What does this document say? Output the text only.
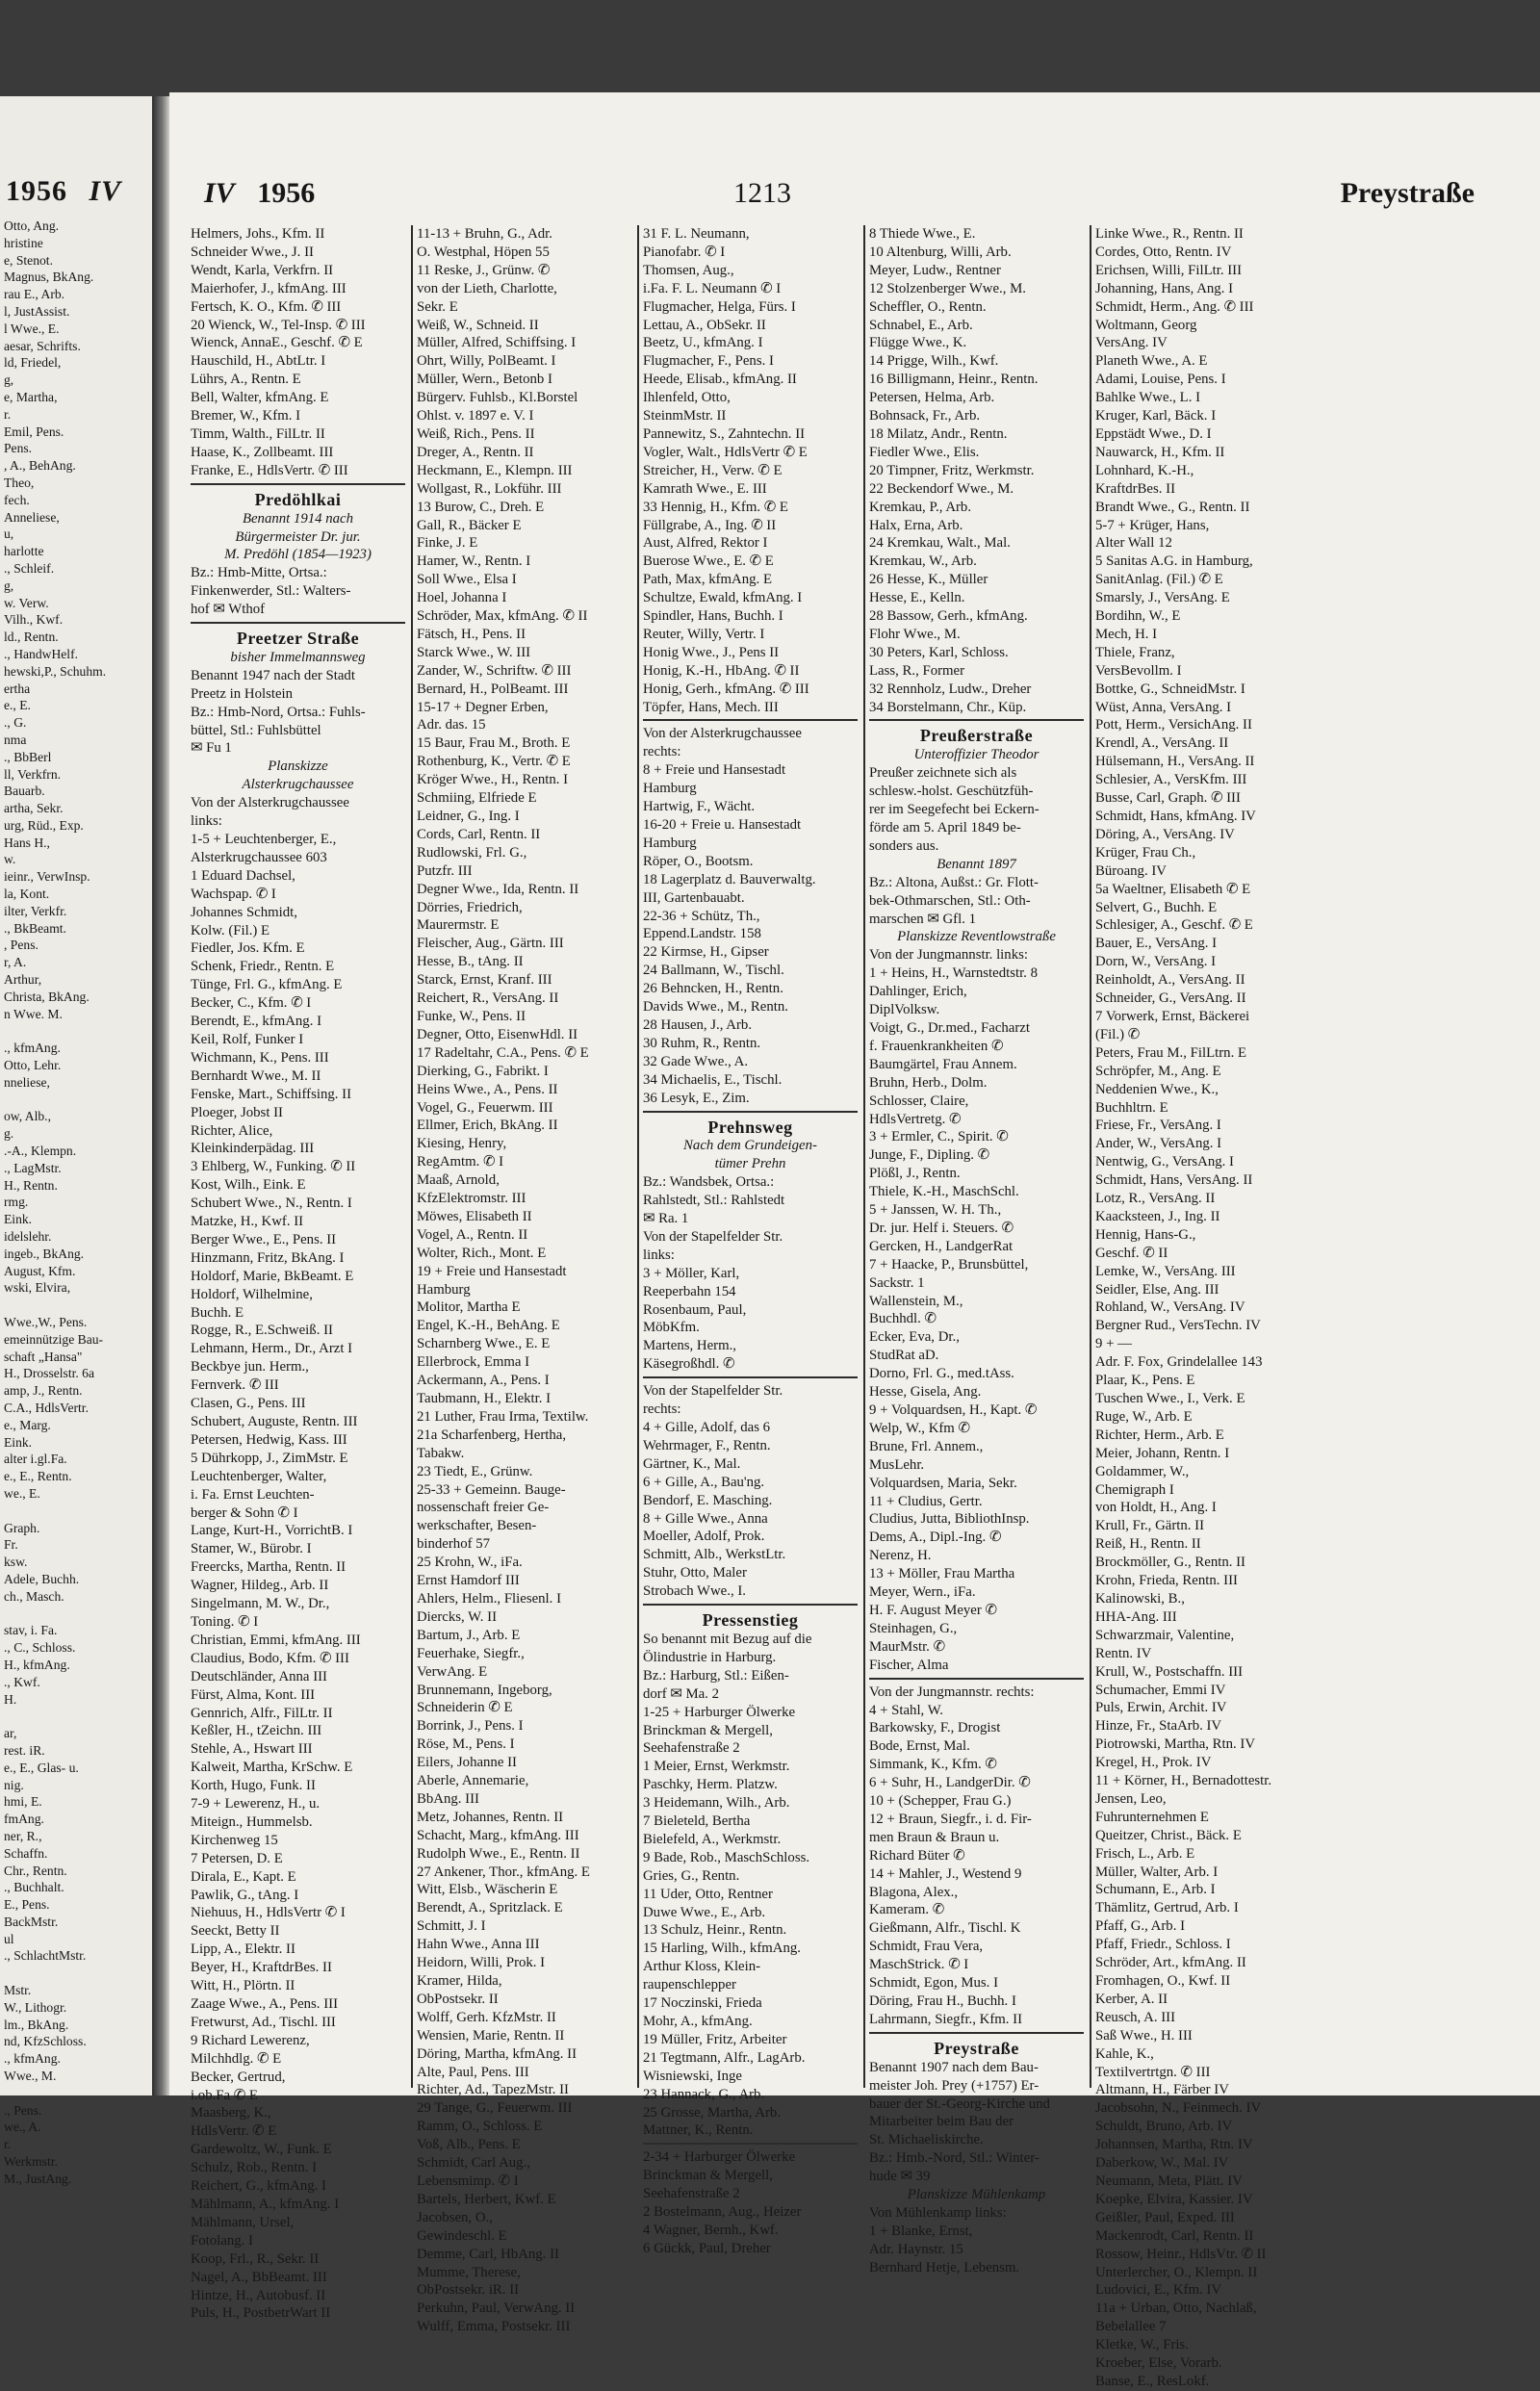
1956 IV
Otto, Ang.
hristine
e, Stenot.
Magnus, BkAng.
rau E., Arb.
l, JustAssist.
l Wwe., E.
aesar, Schrifts.
ld, Friedel,
g,
e, Martha,
r.
Emil, Pens.
Pens.
, A., BehAng.
Theo,
fech.
Anneliese,
u,
harlotte
., Schleif.
g,
w. Verw.
Vilh., Kwf.
ld., Rentn.
., HandwHelf.
hewski,P., Schuhm.
ertha
e., E.
., G.
nma
., BbBerl
ll, Verkfrn.
Bauarb.
artha, Sekr.
urg, Rüd., Exp.
Hans H.,
w.
ieinr., VerwInsp.
la, Kont.
ilter, Verkfr.
., BkBeamt.
, Pens.
r, A.
Arthur,
Christa, BkAng.
n Wwe. M.

., kfmAng.
Otto, Lehr.
nneliese,

ow, Alb.,
g.
.-A., Klempn.
., LagMstr.
H., Rentn.
rmg.
Eink.
idelslehr.
ingeb., BkAng.
August, Kfm.
wski, Elvira,

Wwe.,W., Pens.
emeinnützige Bau-
schaft „Hansa"
H., Drosselstr. 6a
amp, J., Rentn.
C.A., HdlsVertr.
e., Marg.
Eink.
alter i.gl.Fa.
e., E., Rentn.
we., E.

Graph.
Fr.
ksw.
Adele, Buchh.
ch., Masch.

stav, i. Fa.
., C., Schloss.
H., kfmAng.
., Kwf.
H.

ar,
rest. iR.
e., E., Glas- u.
nig.
hmi, E.
fmAng.
ner, R.,
Schaffn.
Chr., Rentn.
., Buchhalt.
E., Pens.
BackMstr.
ul
., SchlachtMstr.

Mstr.
W., Lithogr.
lm., BkAng.
nd, KfzSchloss.
., kfmAng.
Wwe., M.

., Pens.
we., A.
r.
Werkmstr.
M., JustAng.
IV 1956	1213	Preystraße
Helmers, Johs., Kfm. II
Schneider Wwe., J. II
Wendt, Karla, Verkfrn. II
Maierhofer, J., kfmAng. III
Fertsch, K. O., Kfm. ✆ III
20 Wienck, W., Tel-Insp. ✆ III
Wienck, AnnaE., Geschf. ✆ E
Hauschild, H., AbtLtr. I
Lührs, A., Rentn. E
Bell, Walter, kfmAng. E
Bremer, W., Kfm. I
Timm, Walth., FilLtr. II
Haase, K., Zollbeamt. III
Franke, E., HdlsVertr. ✆ III
Predöhlkai
Benannt 1914 nach
Bürgermeister Dr. jur.
M. Predöhl (1854—1923)
Bz.: Hmb-Mitte, Ortsa.:
Finkenwerder, Stl.: Walters-
hof ✉ Wthof
Preetzer Straße
bisher Immelmannsweg
Benannt 1947 nach der Stadt
Preetz in Holstein
Bz.: Hmb-Nord, Ortsa.: Fuhls-
büttel, Stl.: Fuhlsbüttel
✉ Fu 1
Planskizze
Alsterkrugchaussee
Von der Alsterkrugchaussee
links:
1-5 + Leuchtenberger, E.,
Alsterkrugchaussee 603
1 Eduard Dachsel,
Wachspap. ✆ I
Johannes Schmidt,
Kolw. (Fil.) E
Fiedler, Jos. Kfm. E
Schenk, Friedr., Rentn. E
Tünge, Frl. G., kfmAng. E
Becker, C., Kfm. ✆ I
Berendt, E., kfmAng. I
Keil, Rolf, Funker I
Wichmann, K., Pens. III
Bernhardt Wwe., M. II
Fenske, Mart., Schiffsing. II
Ploeger, Jobst II
Richter, Alice,
Kleinkinderpädag. III
3 Ehlberg, W., Funking. ✆ II
Kost, Wilh., Eink. E
Schubert Wwe., N., Rentn. I
Matzke, H., Kwf. II
Berger Wwe., E., Pens. II
Hinzmann, Fritz, BkAng. I
Holdorf, Marie, BkBeamt. E
Holdorf, Wilhelmine,
Buchh. E
Rogge, R., E.Schweiß. II
Lehmann, Herm., Dr., Arzt I
Beckbye jun. Herm.,
Fernverk. ✆ III
Clasen, G., Pens. III
Schubert, Auguste, Rentn. III
Petersen, Hedwig, Kass. III
5 Dührkopp, J., ZimMstr. E
Leuchtenberger, Walter,
i. Fa. Ernst Leuchten-
berger & Sohn ✆ I
Lange, Kurt-H., VorrichtB. I
Stamer, W., Bürobr. I
Freercks, Martha, Rentn. II
Wagner, Hildeg., Arb. II
Singelmann, M. W., Dr.,
Toning. ✆ I
Christian, Emmi, kfmAng. III
Claudius, Bodo, Kfm. ✆ III
Deutschländer, Anna III
Fürst, Alma, Kont. III
Gennrich, Alfr., FilLtr. II
Keßler, H., tZeichn. III
Stehle, A., Hswart III
Kalweit, Martha, KrSchw. E
Korth, Hugo, Funk. II
7-9 + Lewerenz, H., u.
Miteign., Hummelsb.
Kirchenweg 15
7 Petersen, D. E
Dirala, E., Kapt. E
Pawlik, G., tAng. I
Niehuus, H., HdlsVertr ✆ I
Seeckt, Betty II
Lipp, A., Elektr. II
Beyer, H., KraftdrBes. II
Witt, H., Plörtn. II
Zaage Wwe., A., Pens. III
Fretwurst, Ad., Tischl. III
9 Richard Lewerenz,
Milchhdlg. ✆ E
Becker, Gertrud,
i.ob.Fa ✆ E
Maasberg, K.,
HdlsVertr. ✆ E
Gardewoltz, W., Funk. E
Schulz, Rob., Rentn. I
Reichert, G., kfmAng. I
Mählmann, A., kfmAng. I
Mählmann, Ursel,
Fotolang. I
Koop, Frl., R., Sekr. II
Nagel, A., BbBeamt. III
Hintze, H., Autobusf. II
Puls, H., PostbetrWart II
11-13 + Bruhn, G., Adr.
O. Westphal, Höpen 55
11 Reske, J., Grünw. ✆
von der Lieth, Charlotte,
Sekr. E
Weiß, W., Schneid. II
Müller, Alfred, Schiffsing. I
Ohrt, Willy, PolBeamt. I
Müller, Wern., Betonb I
Bürgerv. Fuhlsb., Kl.Borstel
Ohlst. v. 1897 e. V. I
Weiß, Rich., Pens. II
Dreger, A., Rentn. II
Heckmann, E., Klempn. III
Wollgast, R., Lokführ. III
13 Burow, C., Dreh. E
Gall, R., Bäcker E
Finke, J. E
Hamer, W., Rentn. I
Soll Wwe., Elsa I
Hoel, Johanna I
Schröder, Max, kfmAng. ✆ II
Fätsch, H., Pens. II
Starck Wwe., W. III
Zander, W., Schriftw. ✆ III
Bernard, H., PolBeamt. III
15-17 + Degner Erben,
Adr. das. 15
15 Baur, Frau M., Broth. E
Rothenburg, K., Vertr. ✆ E
Kröger Wwe., H., Rentn. I
Schmiing, Elfriede E
Leidner, G., Ing. I
Cords, Carl, Rentn. II
Rudlowski, Frl. G.,
Putzfr. III
Degner Wwe., Ida, Rentn. II
Dörries, Friedrich,
Maurermstr. E
Fleischer, Aug., Gärtn. III
Hesse, B., tAng. II
Starck, Ernst, Kranf. III
Reichert, R., VersAng. II
Funke, W., Pens. II
Degner, Otto, EisenwHdl. II
17 Radeltahr, C.A., Pens. ✆ E
Dierking, G., Fabrikt. I
Heins Wwe., A., Pens. II
Vogel, G., Feuerwm. III
Ellmer, Erich, BkAng. II
Kiesing, Henry,
RegAmtm. ✆ I
Maaß, Arnold,
KfzElektromstr. III
Möwes, Elisabeth II
Vogel, A., Rentn. II
Wolter, Rich., Mont. E
19 + Freie und Hansestadt
Hamburg
Molitor, Martha E
Engel, K.-H., BehAng. E
Scharnberg Wwe., E. E
Ellerbrock, Emma I
Ackermann, A., Pens. I
Taubmann, H., Elektr. I
21 Luther, Frau Irma, Textilw.
21a Scharfenberg, Hertha,
Tabakw.
23 Tiedt, E., Grünw.
25-33 + Gemeinn. Bauge-
nossenschaft freier Ge-
werkschafter, Besen-
binderhof 57
25 Krohn, W., iFa.
Ernst Hamdorf III
Ahlers, Helm., Fliesenl. I
Diercks, W. II
Bartum, J., Arb. E
Feuerhake, Siegfr.,
VerwAng. E
Brunnemann, Ingeborg,
Schneiderin ✆ E
Borrink, J., Pens. I
Röse, M., Pens. I
Eilers, Johanne II
Aberle, Annemarie,
BbAng. III
Metz, Johannes, Rentn. II
Schacht, Marg., kfmAng. III
Rudolph Wwe., E., Rentn. II
27 Ankener, Thor., kfmAng. E
Witt, Elsb., Wäscherin E
Berendt, A., Spritzlack. E
Schmitt, J. I
Hahn Wwe., Anna III
Heidorn, Willi, Prok. I
Kramer, Hilda,
ObPostsekr. II
Wolff, Gerh. KfzMstr. II
Wensien, Marie, Rentn. II
Döring, Martha, kfmAng. II
Alte, Paul, Pens. III
Richter, Ad., TapezMstr. II
29 Tange, G., Feuerwm. III
Ramm, O., Schloss. E
Voß, Alb., Pens. E
Schmidt, Carl Aug.,
Lebensmimp. ✆ I
Bartels, Herbert, Kwf. E
Jacobsen, O.,
Gewindeschl. E
Demme, Carl, HbAng. II
Mumme, Therese,
ObPostsekr. iR. II
Perkuhn, Paul, VerwAng. II
Wulff, Emma, Postsekr. III
31 F. L. Neumann,
Pianofabr. ✆ I
Thomsen, Aug.,
i.Fa. F. L. Neumann ✆ I
Flugmacher, Helga, Fürs. I
Lettau, A., ObSekr. II
Beetz, U., kfmAng. I
Flugmacher, F., Pens. I
Heede, Elisab., kfmAng. II
Ihlenfeld, Otto,
SteinmMstr. II
Pannewitz, S., Zahntechn. II
Vogler, Walt., HdlsVertr ✆ E
Streicher, H., Verw. ✆ E
Kamrath Wwe., E. III
33 Hennig, H., Kfm. ✆ E
Füllgrabe, A., Ing. ✆ II
Aust, Alfred, Rektor I
Buerose Wwe., E. ✆ E
Path, Max, kfmAng. E
Schultze, Ewald, kfmAng. I
Spindler, Hans, Buchh. I
Reuter, Willy, Vertr. I
Honig Wwe., J., Pens II
Honig, K.-H., HbAng. ✆ II
Honig, Gerh., kfmAng. ✆ III
Töpfer, Hans, Mech. III
Von der Alsterkrugchaussee
rechts:
8 + Freie und Hansestadt
Hamburg
Hartwig, F., Wächt.
16-20 + Freie u. Hansestadt
Hamburg
Röper, O., Bootsm.
18 Lagerplatz d. Bauverwaltg.
III, Gartenbauabt.
22-36 + Schütz, Th.,
Eppend.Landstr. 158
22 Kirmse, H., Gipser
24 Ballmann, W., Tischl.
26 Behncken, H., Rentn.
Davids Wwe., M., Rentn.
28 Hausen, J., Arb.
30 Ruhm, R., Rentn.
32 Gade Wwe., A.
34 Michaelis, E., Tischl.
36 Lesyk, E., Zim.
Prehnsweg
Nach dem Grundeigen-
tümer Prehn
Bz.: Wandsbek, Ortsa.:
Rahlstedt, Stl.: Rahlstedt
✉ Ra. 1
Von der Stapelfelder Str.
links:
3 + Möller, Karl,
Reeperbahn 154
Rosenbaum, Paul,
MöbKfm.
Martens, Herm.,
Käsegroßhdl. ✆
Von der Stapelfelder Str.
rechts:
4 + Gille, Adolf, das 6
Wehrmager, F., Rentn.
Gärtner, K., Mal.
6 + Gille, A., Bau'ng.
Bendorf, E. Masching.
8 + Gille Wwe., Anna
Moeller, Adolf, Prok.
Schmitt, Alb., WerkstLtr.
Stuhr, Otto, Maler
Strobach Wwe., I.
Pressenstieg
So benannt mit Bezug auf die
Ölindustrie in Harburg.
Bz.: Harburg, Stl.: Eißen-
dorf ✉ Ma. 2
1-25 + Harburger Ölwerke
Brinckman & Mergell,
Seehafenstraße 2
1 Meier, Ernst, Werkmstr.
Paschky, Herm. Platzw.
3 Heidemann, Wilh., Arb.
7 Bieleteld, Bertha
Bielefeld, A., Werkmstr.
9 Bade, Rob., MaschSchloss.
Gries, G., Rentn.
11 Uder, Otto, Rentner
Duwe Wwe., E., Arb.
13 Schulz, Heinr., Rentn.
15 Harling, Wilh., kfmAng.
Arthur Kloss, Klein-
raupenschlepper
17 Noczinski, Frieda
Mohr, A., kfmAng.
19 Müller, Fritz, Arbeiter
21 Tegtmann, Alfr., LagArb.
Wisniewski, Inge
23 Hannack, G., Arb.
25 Grosse, Martha, Arb.
Mattner, K., Rentn.
2-34 + Harburger Ölwerke
Brinckman & Mergell,
Seehafenstraße 2
2 Bostelmann, Aug., Heizer
4 Wagner, Bernh., Kwf.
6 Gückk, Paul, Dreher
8 Thiede Wwe., E.
10 Altenburg, Willi, Arb.
Meyer, Ludw., Rentner
12 Stolzenberger Wwe., M.
Scheffler, O., Rentn.
Schnabel, E., Arb.
Flügge Wwe., K.
14 Prigge, Wilh., Kwf.
16 Billigmann, Heinr., Rentn.
Petersen, Helma, Arb.
Bohnsack, Fr., Arb.
18 Milatz, Andr., Rentn.
Fiedler Wwe., Elis.
20 Timpner, Fritz, Werkmstr.
22 Beckendorf Wwe., M.
Kremkau, P., Arb.
Halx, Erna, Arb.
24 Kremkau, Walt., Mal.
Kremkau, W., Arb.
26 Hesse, K., Müller
Hesse, E., Kelln.
28 Bassow, Gerh., kfmAng.
Flohr Wwe., M.
30 Peters, Karl, Schloss.
Lass, R., Former
32 Rennholz, Ludw., Dreher
34 Borstelmann, Chr., Küp.
Preußerstraße
Unteroffizier Theodor
Preußer zeichnete sich als
schlesw.-holst. Geschützfüh-
rer im Seegefecht bei Eckern-
förde am 5. April 1849 be-
sonders aus.
Benannt 1897
Bz.: Altona, Außst.: Gr. Flott-
bek-Othmarschen, Stl.: Oth-
marschen ✉ Gfl. 1
Planskizze Reventlowstraße
Von der Jungmannstr. links:
1 + Heins, H., Warnstedtstr. 8
Dahlinger, Erich,
DiplVolksw.
Voigt, G., Dr.med., Facharzt
f. Frauenkrankheiten ✆
Baumgärtel, Frau Annem.
Bruhn, Herb., Dolm.
Schlosser, Claire,
HdlsVertretg. ✆
3 + Ermler, C., Spirit. ✆
Junge, F., Dipling. ✆
Plößl, J., Rentn.
Thiele, K.-H., MaschSchl.
5 + Janssen, W. H. Th.,
Dr. jur. Helf i. Steuers. ✆
Gercken, H., LandgerRat
7 + Haacke, P., Brunsbüttel,
Sackstr. 1
Wallenstein, M.,
Buchhdl. ✆
Ecker, Eva, Dr.,
StudRat aD.
Dorno, Frl. G., med.tAss.
Hesse, Gisela, Ang.
9 + Volquardsen, H., Kapt. ✆
Welp, W., Kfm ✆
Brune, Frl. Annem.,
MusLehr.
Volquardsen, Maria, Sekr.
11 + Cludius, Gertr.
Cludius, Jutta, BibliothInsp.
Dems, A., Dipl.-Ing. ✆
Nerenz, H.
13 + Möller, Frau Martha
Meyer, Wern., iFa.
H. F. August Meyer ✆
Steinhagen, G.,
MaurMstr. ✆
Fischer, Alma
Von der Jungmannstr. rechts:
4 + Stahl, W.
Barkowsky, F., Drogist
Bode, Ernst, Mal.
Simmank, K., Kfm. ✆
6 + Suhr, H., LandgerDir. ✆
10 + (Schepper, Frau G.)
12 + Braun, Siegfr., i. d. Fir-
men Braun & Braun u.
Richard Büter ✆
14 + Mahler, J., Westend 9
Blagona, Alex.,
Kameram. ✆
Gießmann, Alfr., Tischl. K
Schmidt, Frau Vera,
MaschStrick. ✆ I
Schmidt, Egon, Mus. I
Döring, Frau H., Buchh. I
Lahrmann, Siegfr., Kfm. II
Preystraße
Benannt 1907 nach dem Bau-
meister Joh. Prey (+1757) Er-
bauer der St.-Georg-Kirche und
Mitarbeiter beim Bau der
St. Michaeliskirche.
Bz.: Hmb.-Nord, Stl.: Winter-
hude ✉ 39
Planskizze Mühlenkamp
Von Mühlenkamp links:
1 + Blanke, Ernst,
Adr. Haynstr. 15
Bernhard Hetje, Lebensm.
Linke Wwe., R., Rentn. II
Cordes, Otto, Rentn. IV
Erichsen, Willi, FilLtr. III
Johanning, Hans, Ang. I
Schmidt, Herm., Ang. ✆ III
Woltmann, Georg
VersAng. IV
Planeth Wwe., A. E
Adami, Louise, Pens. I
Bahlke Wwe., L. I
Kruger, Karl, Bäck. I
Eppstädt Wwe., D. I
Nauwarck, H., Kfm. II
Lohnhard, K.-H.,
KraftdrBes. II
Brandt Wwe., G., Rentn. II
5-7 + Krüger, Hans,
Alter Wall 12
5 Sanitas A.G. in Hamburg,
SanitAnlag. (Fil.) ✆ E
Smarsly, J., VersAng. E
Bordihn, W., E
Mech, H. I
Thiele, Franz,
VersBevollm. I
Bottke, G., SchneidMstr. I
Wüst, Anna, VersAng. I
Pott, Herm., VersichAng. II
Krendl, A., VersAng. II
Hülsemann, H., VersAng. II
Schlesier, A., VersKfm. III
Busse, Carl, Graph. ✆ III
Schmidt, Hans, kfmAng. IV
Döring, A., VersAng. IV
Krüger, Frau Ch.,
Büroang. IV
5a Waeltner, Elisabeth ✆ E
Selvert, G., Buchh. E
Schlesiger, A., Geschf. ✆ E
Bauer, E., VersAng. I
Dorn, W., VersAng. I
Reinholdt, A., VersAng. II
Schneider, G., VersAng. II
7 Vorwerk, Ernst, Bäckerei
(Fil.) ✆
Peters, Frau M., FilLtrn. E
Schröpfer, M., Ang. E
Neddenien Wwe., K.,
Buchhltrn. E
Friese, Fr., VersAng. I
Ander, W., VersAng. I
Nentwig, G., VersAng. I
Schmidt, Hans, VersAng. II
Lotz, R., VersAng. II
Kaacksteen, J., Ing. II
Hennig, Hans-G.,
Geschf. ✆ II
Lemke, W., VersAng. III
Seidler, Else, Ang. III
Rohland, W., VersAng. IV
Bergner Rud., VersTechn. IV
9 + —
Adr. F. Fox, Grindelallee 143
Plaar, K., Pens. E
Tuschen Wwe., I., Verk. E
Ruge, W., Arb. E
Richter, Herm., Arb. E
Meier, Johann, Rentn. I
Goldammer, W.,
Chemigraph I
von Holdt, H., Ang. I
Krull, Fr., Gärtn. II
Reiß, H., Rentn. II
Brockmöller, G., Rentn. II
Krohn, Frieda, Rentn. III
Kalinowski, B.,
HHA-Ang. III
Schwarzmair, Valentine,
Rentn. IV
Krull, W., Postschaffn. III
Schumacher, Emmi IV
Puls, Erwin, Archit. IV
Hinze, Fr., StaArb. IV
Piotrowski, Martha, Rtn. IV
Kregel, H., Prok. IV
11 + Körner, H., Bernadottestr.
Jensen, Leo,
Fuhrunternehmen E
Queitzer, Christ., Bäck. E
Frisch, L., Arb. E
Müller, Walter, Arb. I
Schumann, E., Arb. I
Thämlitz, Gertrud, Arb. I
Pfaff, G., Arb. I
Pfaff, Friedr., Schloss. I
Schröder, Art., kfmAng. II
Fromhagen, O., Kwf. II
Kerber, A. II
Reusch, A. III
Saß Wwe., H. III
Kahle, K.,
Textilvertrtgn. ✆ III
Altmann, H., Färber IV
Jacobsohn, N., Feinmech. IV
Schuldt, Bruno, Arb. IV
Johannsen, Martha, Rtn. IV
Daberkow, W., Mal. IV
Neumann, Meta, Plätt. IV
Koepke, Elvira, Kassier. IV
Geißler, Paul, Exped. III
Mackenrodt, Carl, Rentn. II
Rossow, Heinr., HdlsVtr. ✆ II
Unterlercher, O., Klempn. II
Ludovici, E., Kfm. IV
11a + Urban, Otto, Nachlaß,
Bebelallee 7
Kletke, W., Fris.
Kroeber, Else, Vorarb.
Banse, E., ResLokf.
